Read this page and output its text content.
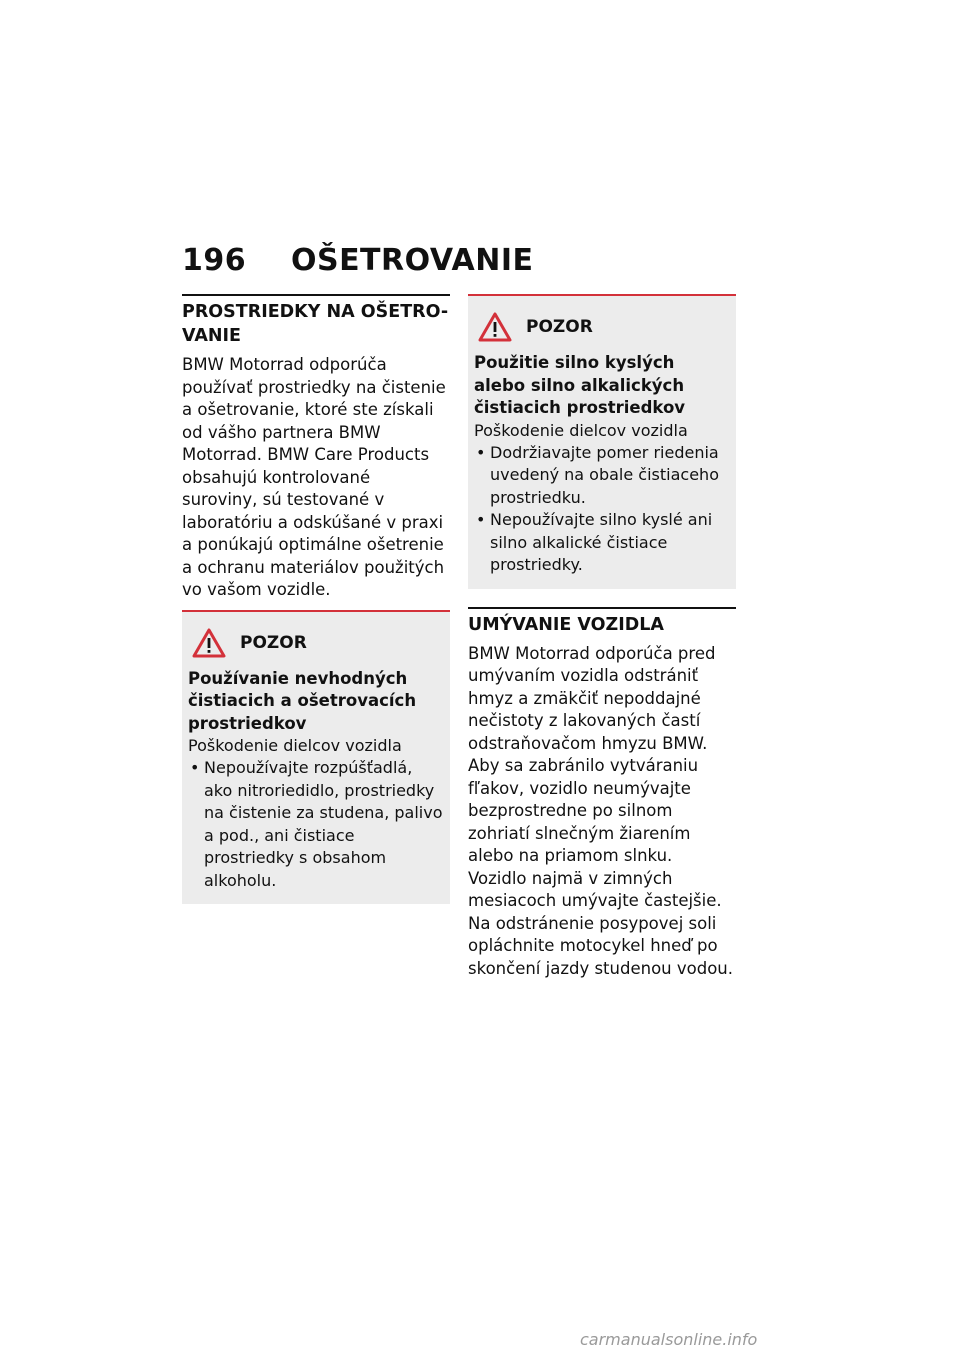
196 OŠETROVANIE
PROSTRIEDKY NA OŠETRO- VANIE

BMW Motorrad odporúča používať prostriedky na čistenie a ošetrovanie, ktoré ste získali od vášho partnera BMW Motorrad. BMW Care Products obsahujú kontrolované suroviny, sú testované v laboratóriu a odskúšané v praxi a ponúkajú optimálne ošetrenie a ochranu materiálov použitých vo vašom vozidle.

POZOR

Používanie nevhodných čistiacich a ošetrovacích prostriedkov

Poškodenie dielcov vozidla

• Nepoužívajte rozpúšťadlá, ako nitroriedidlo, prostriedky na čistenie za studena, palivo a pod., ani čistiace prostriedky s obsahom alkoholu.
POZOR

Použitie silno kyslých alebo silno alkalických čistiacich prostriedkov

Poškodenie dielcov vozidla

• Dodržiavajte pomer riedenia uvedený na obale čistiaceho prostriedku.
• Nepoužívajte silno kyslé ani silno alkalické čistiace prostriedky.
UMÝVANIE VOZIDLA

BMW Motorrad odporúča pred umývaním vozidla odstrániť hmyz a zmäkčiť nepoddajné nečistoty z lakovaných častí odstraňovačom hmyzu BMW.

Aby sa zabránilo vytváraniu fľakov, vozidlo neumývajte bezprostredne po silnom zohriatí slnečným žiarením alebo na priamom slnku.

Vozidlo najmä v zimných mesiacoch umývajte častejšie.

Na odstránenie posypovej soli opláchnite motocykel hneď po skončení jazdy studenou vodou.

carmanualsonline.info
